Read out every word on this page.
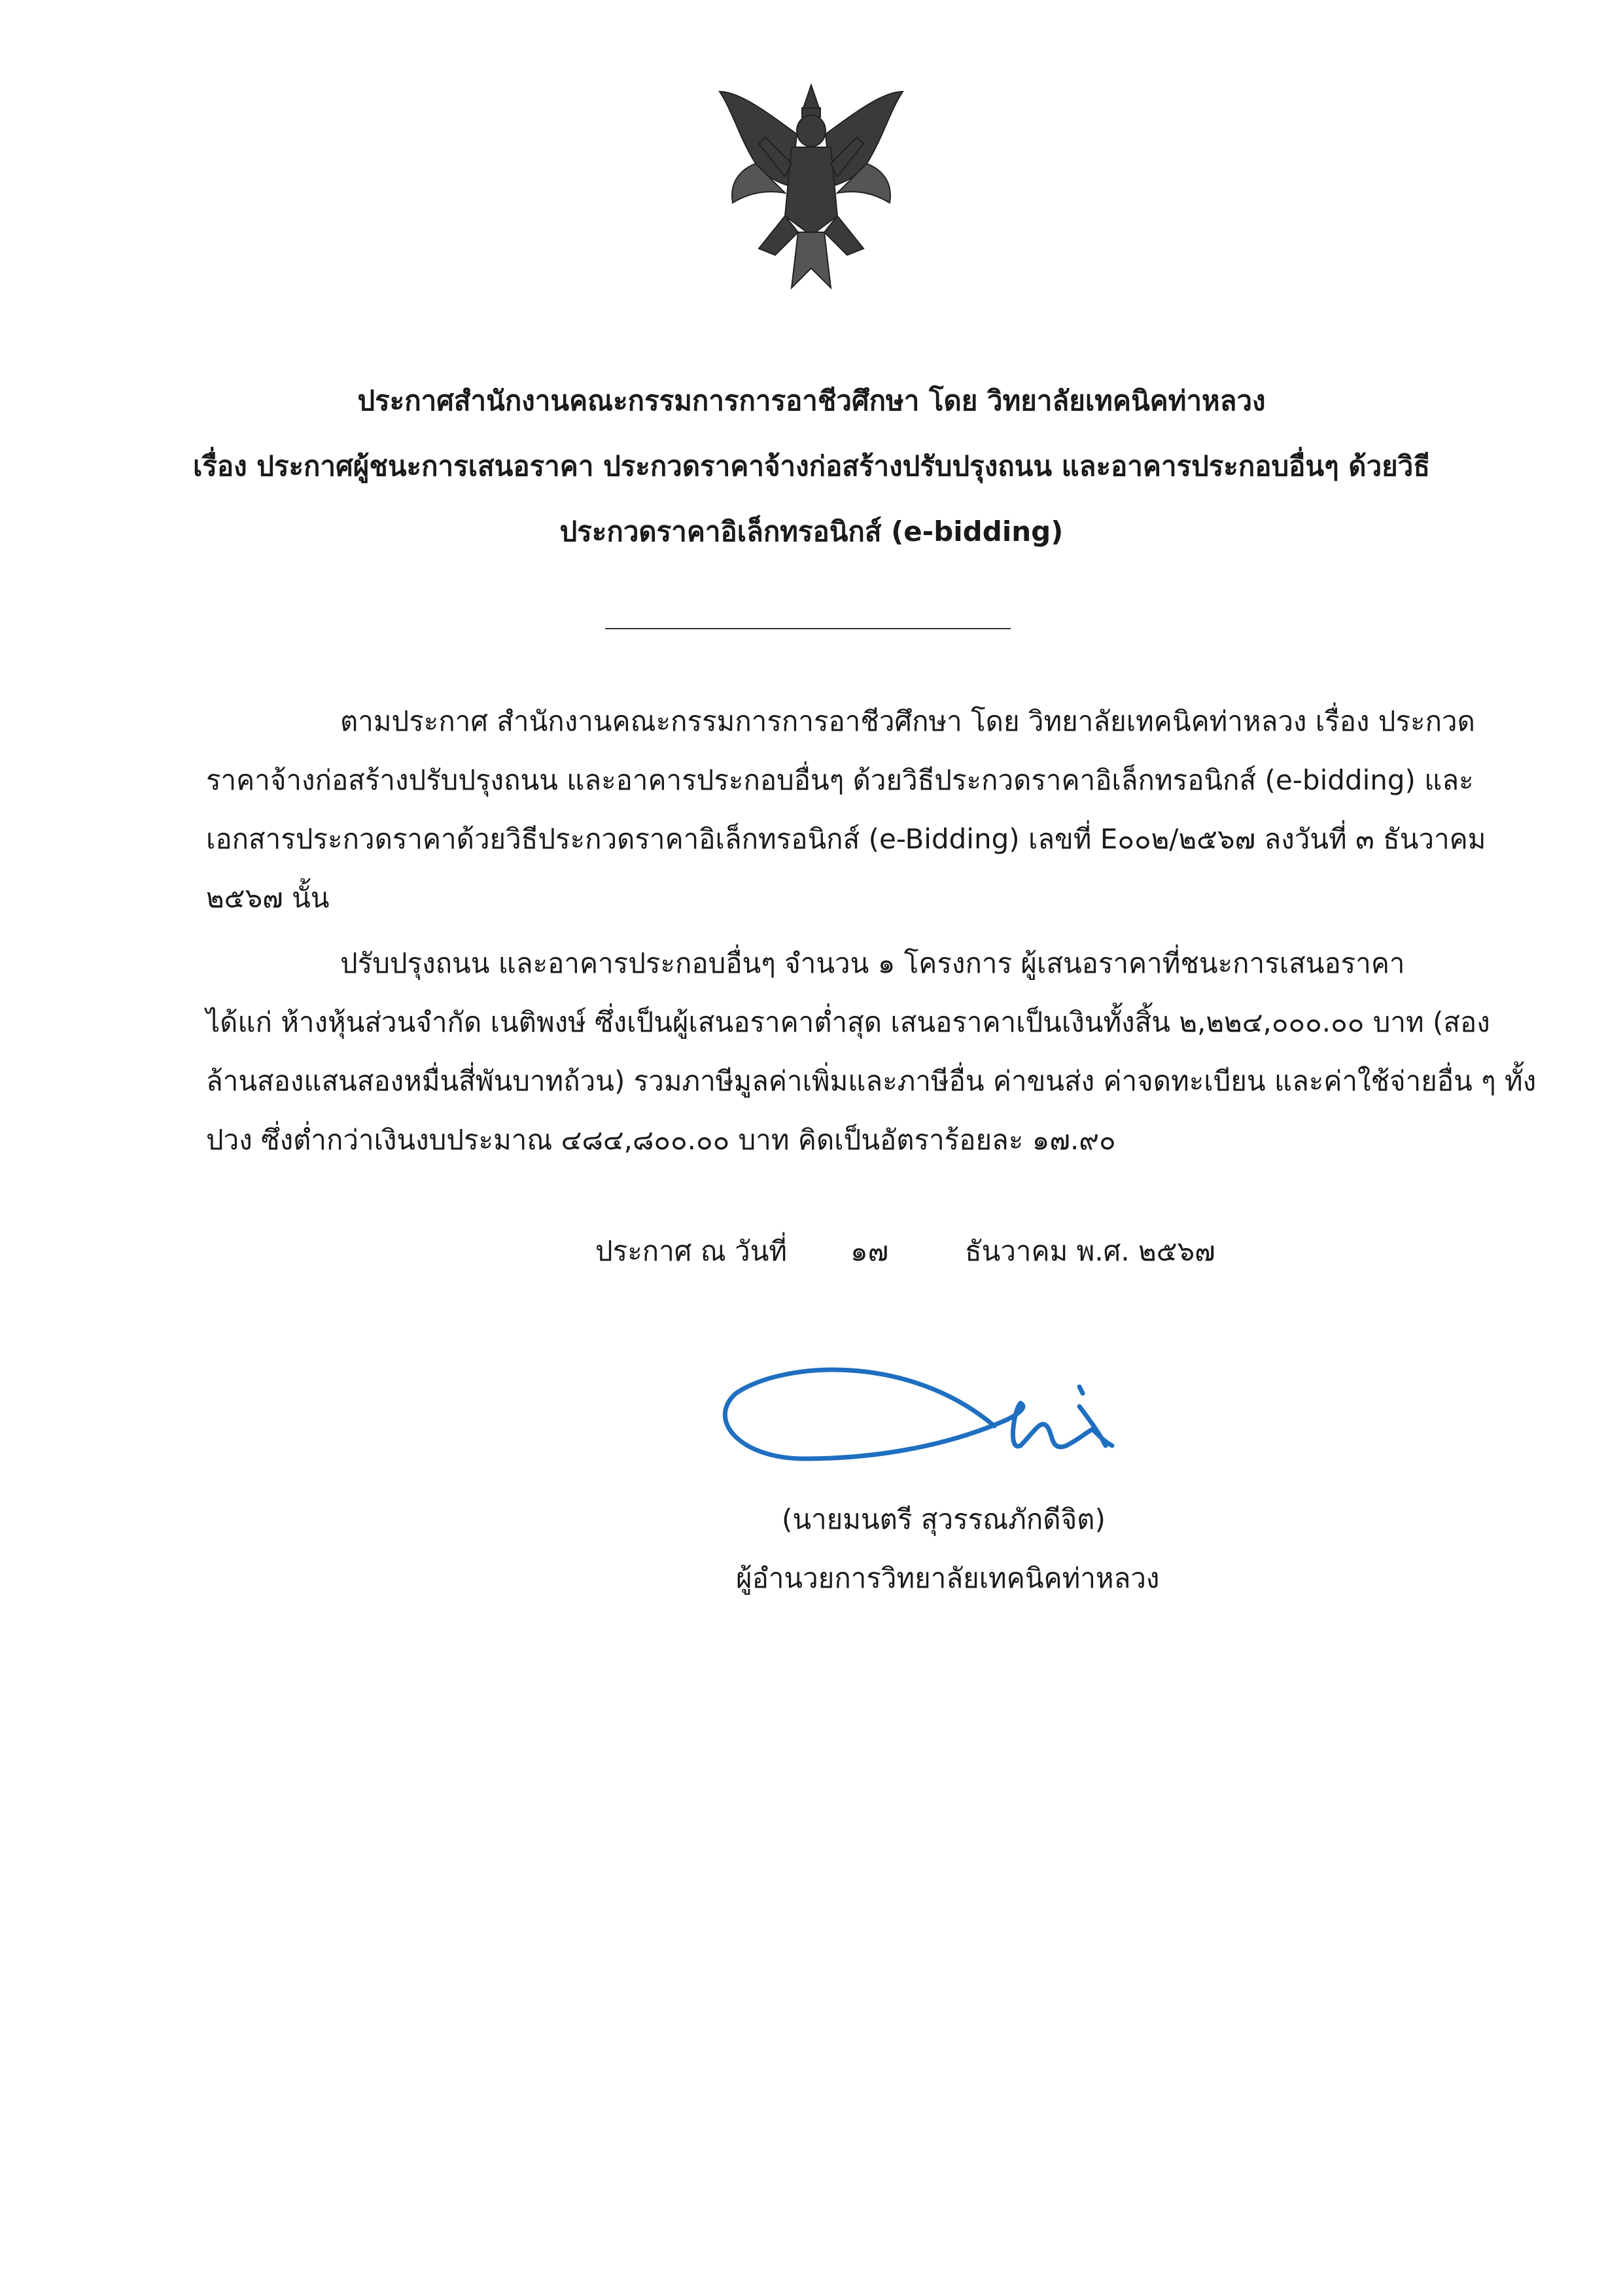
ประกาศสำนักงานคณะกรรมการการอาชีวศึกษา โดย วิทยาลัยเทคนิคท่าหลวง
เรื่อง ประกาศผู้ชนะการเสนอราคา ประกวดราคาจ้างก่อสร้างปรับปรุงถนน และอาคารประกอบอื่นๆ ด้วยวิธี
ประกวดราคาอิเล็กทรอนิกส์ (e-bidding)
ตามประกาศ สำนักงานคณะกรรมการการอาชีวศึกษา โดย วิทยาลัยเทคนิคท่าหลวง เรื่อง ประกวด
ราคาจ้างก่อสร้างปรับปรุงถนน และอาคารประกอบอื่นๆ ด้วยวิธีประกวดราคาอิเล็กทรอนิกส์ (e-bidding) และ
เอกสารประกวดราคาด้วยวิธีประกวดราคาอิเล็กทรอนิกส์ (e-Bidding) เลขที่ E๐๐๒/๒๕๖๗ ลงวันที่ ๓ ธันวาคม
๒๕๖๗ นั้น
ปรับปรุงถนน และอาคารประกอบอื่นๆ จำนวน ๑ โครงการ ผู้เสนอราคาที่ชนะการเสนอราคา
ได้แก่ ห้างหุ้นส่วนจำกัด เนติพงษ์ ซึ่งเป็นผู้เสนอราคาต่ำสุด เสนอราคาเป็นเงินทั้งสิ้น ๒,๒๒๔,๐๐๐.๐๐ บาท (สอง
ล้านสองแสนสองหมื่นสี่พันบาทถ้วน) รวมภาษีมูลค่าเพิ่มและภาษีอื่น ค่าขนส่ง ค่าจดทะเบียน และค่าใช้จ่ายอื่น ๆ ทั้ง
ปวง ซึ่งต่ำกว่าเงินงบประมาณ ๔๘๔,๘๐๐.๐๐ บาท คิดเป็นอัตราร้อยละ ๑๗.๙๐
ประกาศ ณ วันที่ ๑๗	ธันวาคม พ.ศ. ๒๕๖๗
(นายมนตรี สุวรรณภักดีจิต)
ผู้อำนวยการวิทยาลัยเทคนิคท่าหลวง
